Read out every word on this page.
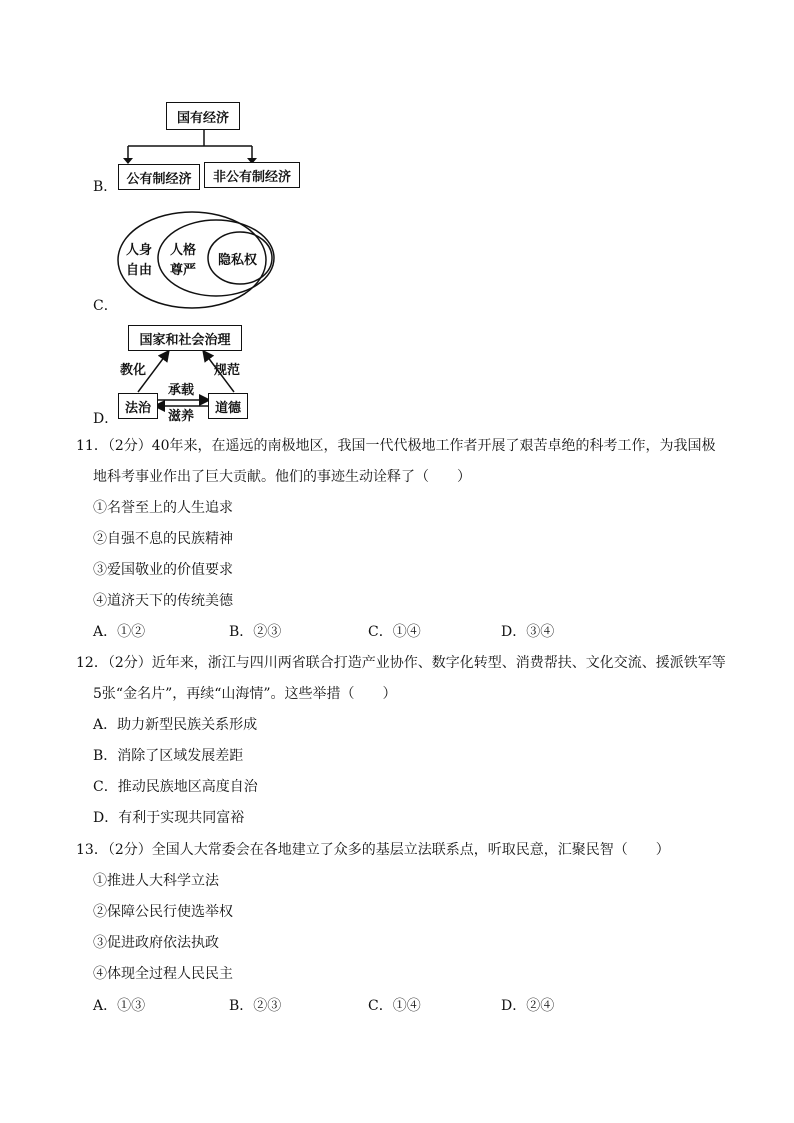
B．
国有经济
公有制经济	非公有制经济
C．
人身
自由
人格
尊严
隐私权
D．
教化	规范
承载
滋养
国家和社会治理
法治	道德
11．（2分）40年来，在遥远的南极地区，我国一代代极地工作者开展了艰苦卓绝的科考工作，为我国极
地科考事业作出了巨大贡献。他们的事迹生动诠释了（　　）
①名誉至上的人生追求
②自强不息的民族精神
③爱国敬业的价值要求
④道济天下的传统美德
A．①②	B．②③	C．①④	D．③④
12．（2分）近年来，浙江与四川两省联合打造产业协作、数字化转型、消费帮扶、文化交流、援派铁军等
5张“金名片”，再续“山海情”。这些举措（　　）
A．助力新型民族关系形成
B．消除了区域发展差距
C．推动民族地区高度自治
D．有利于实现共同富裕
13．（2分）全国人大常委会在各地建立了众多的基层立法联系点，听取民意，汇聚民智（　　）
①推进人大科学立法
②保障公民行使选举权
③促进政府依法执政
④体现全过程人民民主
A．①③	B．②③	C．①④	D．②④
